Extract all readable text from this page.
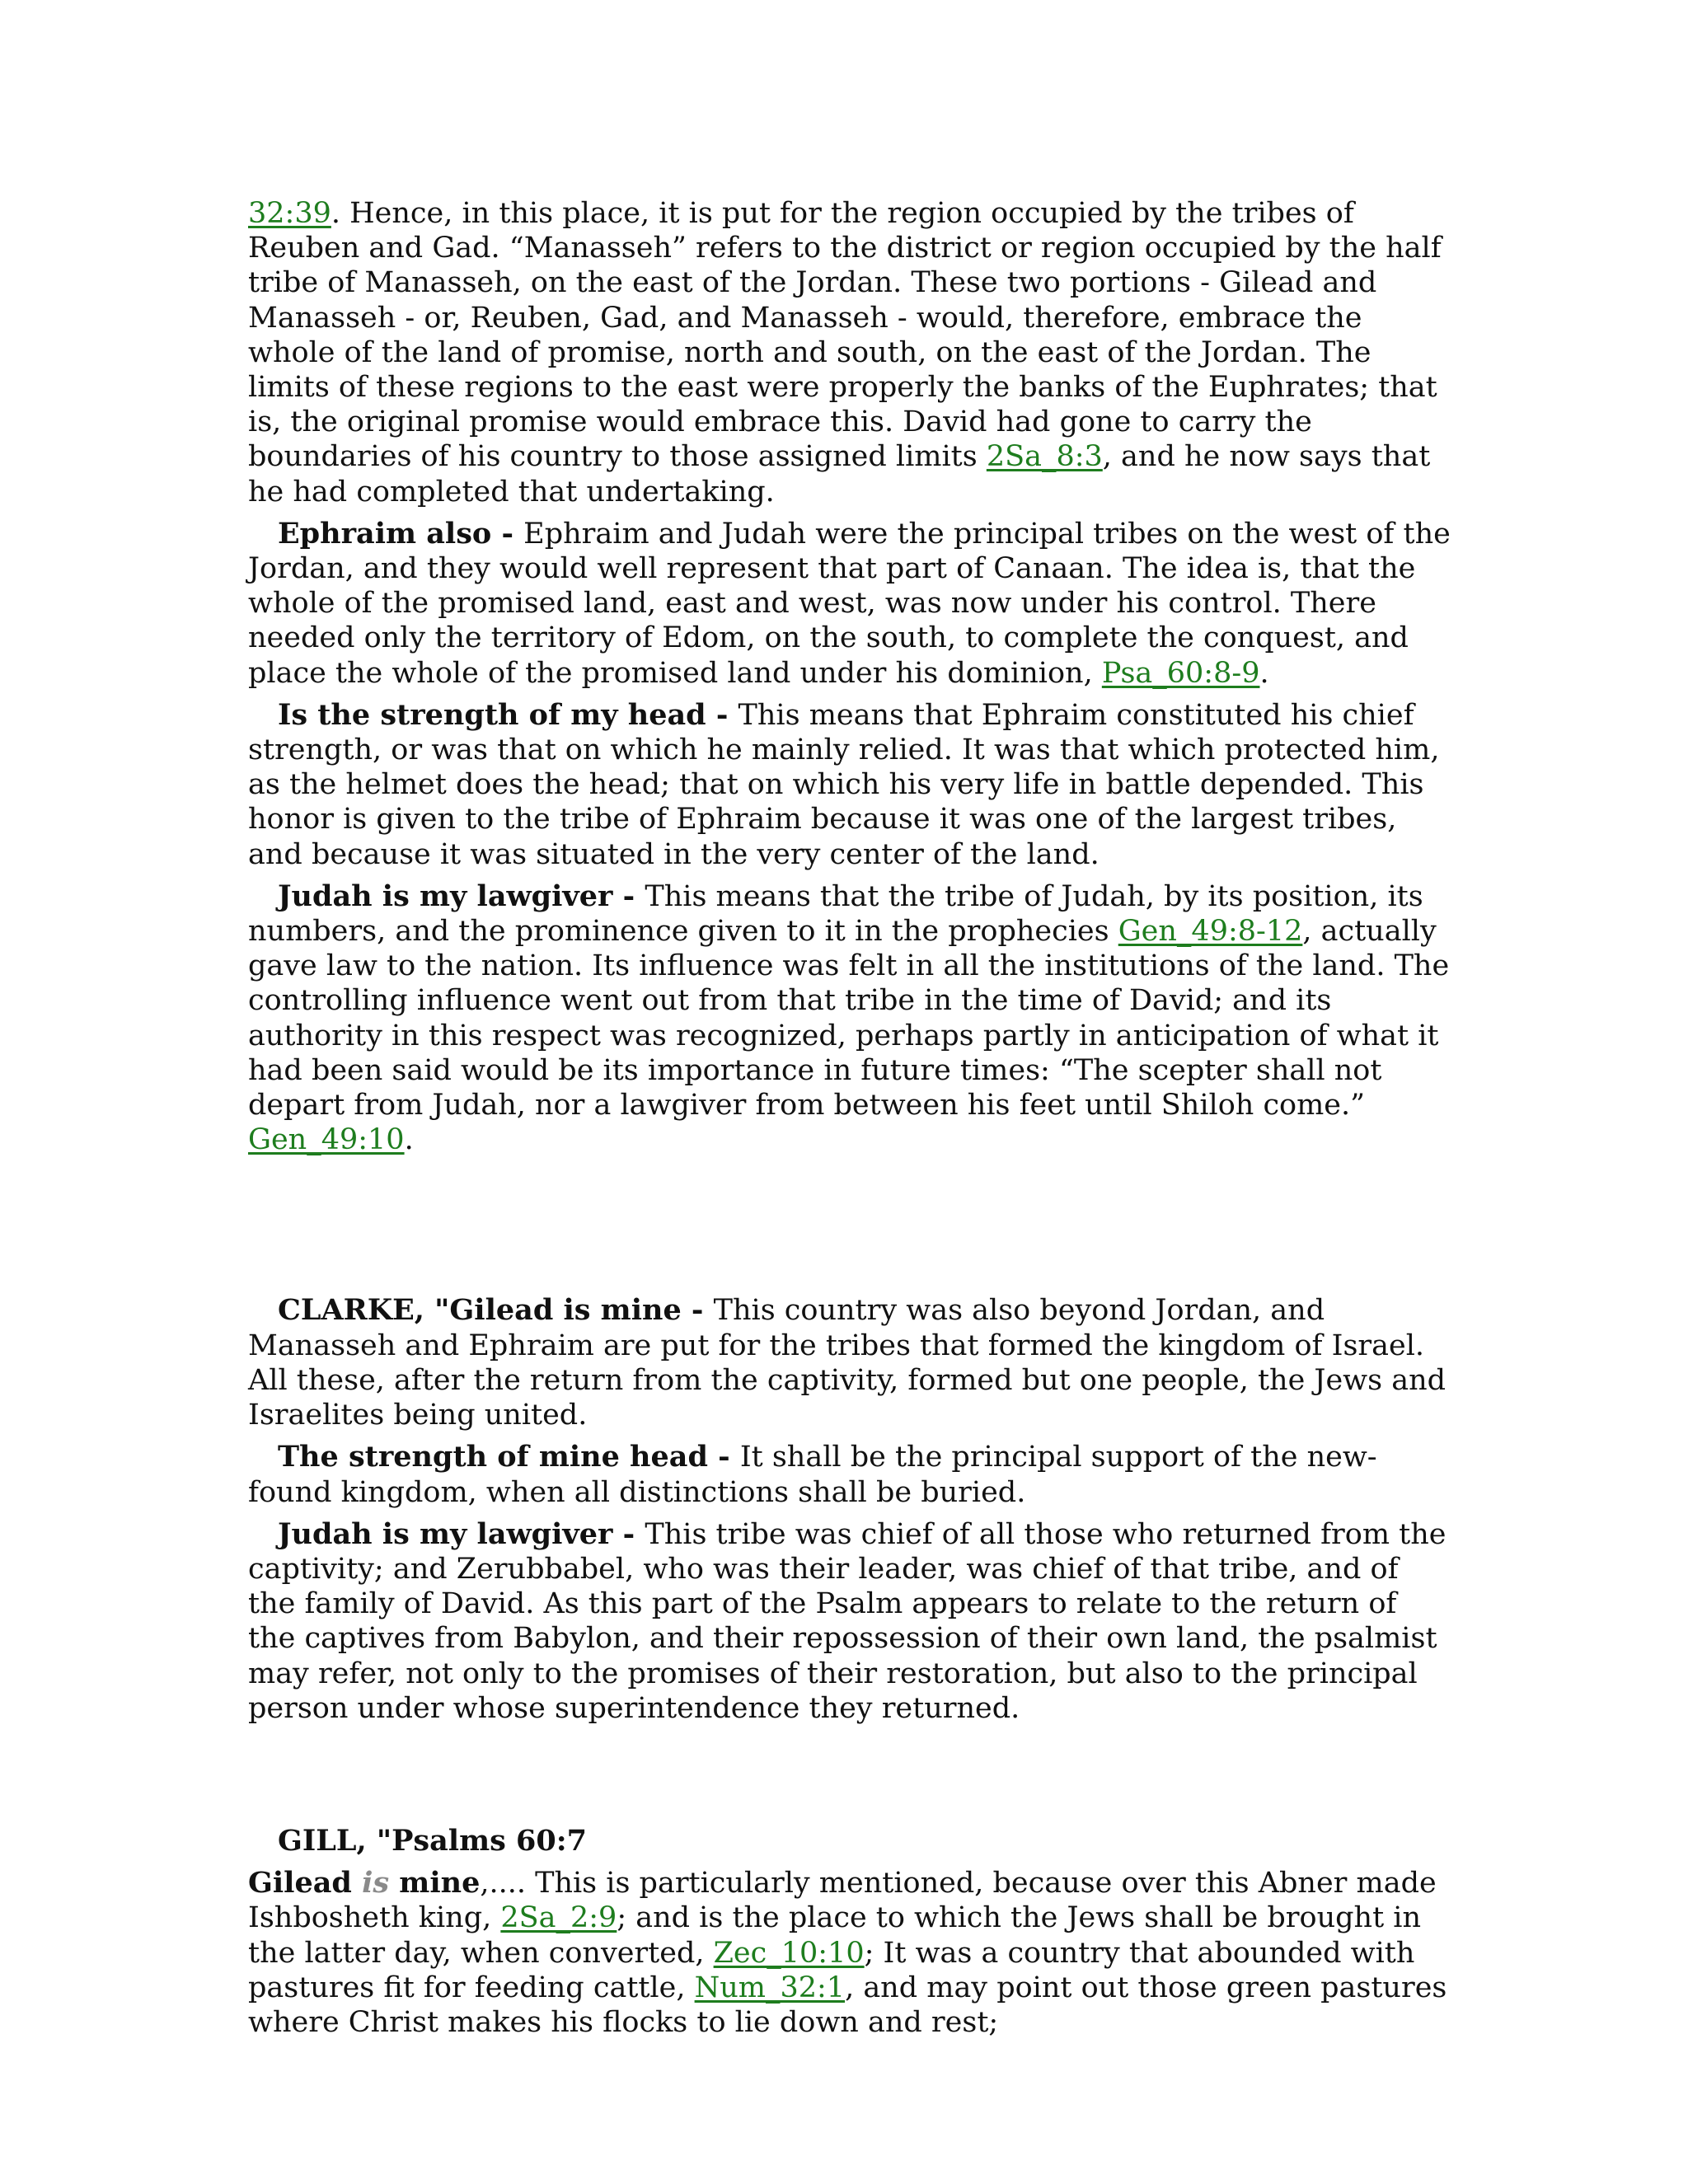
32:39. Hence, in this place, it is put for the region occupied by the tribes of Reuben and Gad. “Manasseh” refers to the district or region occupied by the half tribe of Manasseh, on the east of the Jordan. These two portions - Gilead and Manasseh - or, Reuben, Gad, and Manasseh - would, therefore, embrace the whole of the land of promise, north and south, on the east of the Jordan. The limits of these regions to the east were properly the banks of the Euphrates; that is, the original promise would embrace this. David had gone to carry the boundaries of his country to those assigned limits 2Sa_8:3, and he now says that he had completed that undertaking.

Ephraim also - Ephraim and Judah were the principal tribes on the west of the Jordan, and they would well represent that part of Canaan. The idea is, that the whole of the promised land, east and west, was now under his control. There needed only the territory of Edom, on the south, to complete the conquest, and place the whole of the promised land under his dominion, Psa_60:8-9.

Is the strength of my head - This means that Ephraim constituted his chief strength, or was that on which he mainly relied. It was that which protected him, as the helmet does the head; that on which his very life in battle depended. This honor is given to the tribe of Ephraim because it was one of the largest tribes, and because it was situated in the very center of the land.

Judah is my lawgiver - This means that the tribe of Judah, by its position, its numbers, and the prominence given to it in the prophecies Gen_49:8-12, actually gave law to the nation. Its influence was felt in all the institutions of the land. The controlling influence went out from that tribe in the time of David; and its authority in this respect was recognized, perhaps partly in anticipation of what it had been said would be its importance in future times: “The scepter shall not depart from Judah, nor a lawgiver from between his feet until Shiloh come.” Gen_49:10.

CLARKE, "Gilead is mine - This country was also beyond Jordan, and Manasseh and Ephraim are put for the tribes that formed the kingdom of Israel. All these, after the return from the captivity, formed but one people, the Jews and Israelites being united.

The strength of mine head - It shall be the principal support of the new-found kingdom, when all distinctions shall be buried.

Judah is my lawgiver - This tribe was chief of all those who returned from the captivity; and Zerubbabel, who was their leader, was chief of that tribe, and of the family of David. As this part of the Psalm appears to relate to the return of the captives from Babylon, and their repossession of their own land, the psalmist may refer, not only to the promises of their restoration, but also to the principal person under whose superintendence they returned.

GILL, "Psalms 60:7

Gilead is mine,.... This is particularly mentioned, because over this Abner made Ishbosheth king, 2Sa_2:9; and is the place to which the Jews shall be brought in the latter day, when converted, Zec_10:10; It was a country that abounded with pastures fit for feeding cattle, Num_32:1, and may point out those green pastures where Christ makes his flocks to lie down and rest;
